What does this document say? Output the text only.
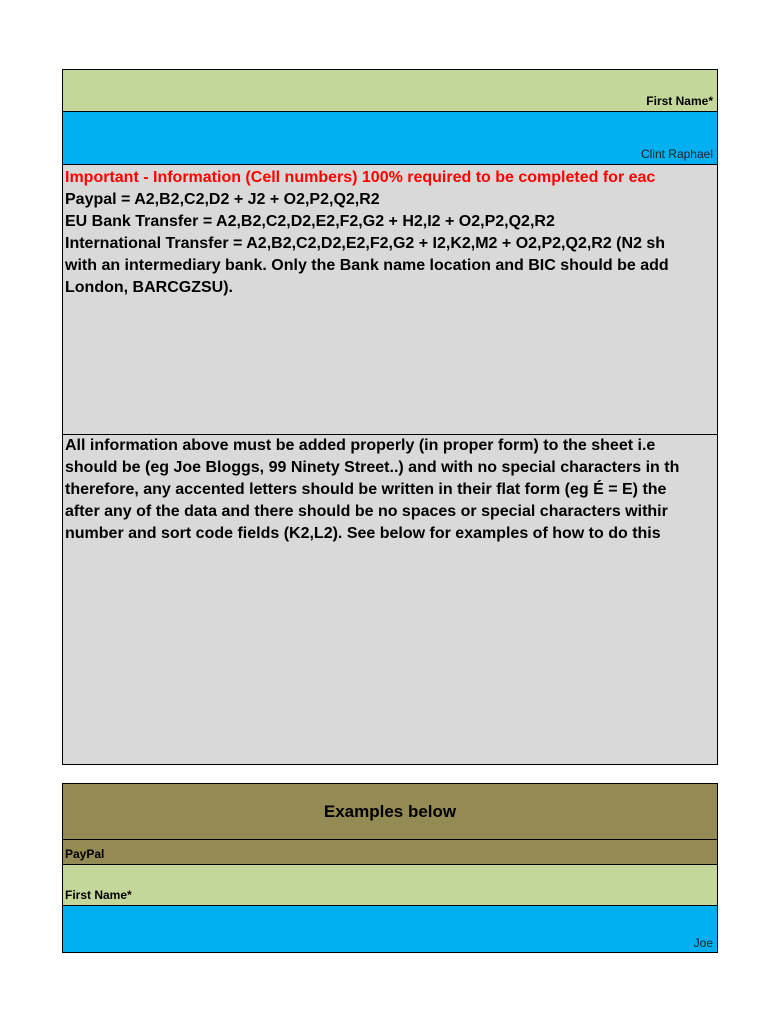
First Name*
Clint Raphael
Important - Information (Cell numbers) 100% required to be completed for eac
Paypal = A2,B2,C2,D2 + J2 + O2,P2,Q2,R2
EU Bank Transfer = A2,B2,C2,D2,E2,F2,G2 + H2,I2 + O2,P2,Q2,R2
International Transfer = A2,B2,C2,D2,E2,F2,G2 + I2,K2,M2 + O2,P2,Q2,R2 (N2 sh
with an intermediary bank. Only the Bank name location and BIC should be add
London, BARCGZSU).
All information above must be added properly (in proper form) to the sheet i.e
should be (eg Joe Bloggs, 99 Ninety Street..) and with no special characters in th
therefore, any accented letters should be written in their flat form (eg É = E) the
after any of the data and there should be no spaces or special characters withir
number and sort code fields (K2,L2). See below for examples of how to do this
Examples below
PayPal
First Name*
Joe
